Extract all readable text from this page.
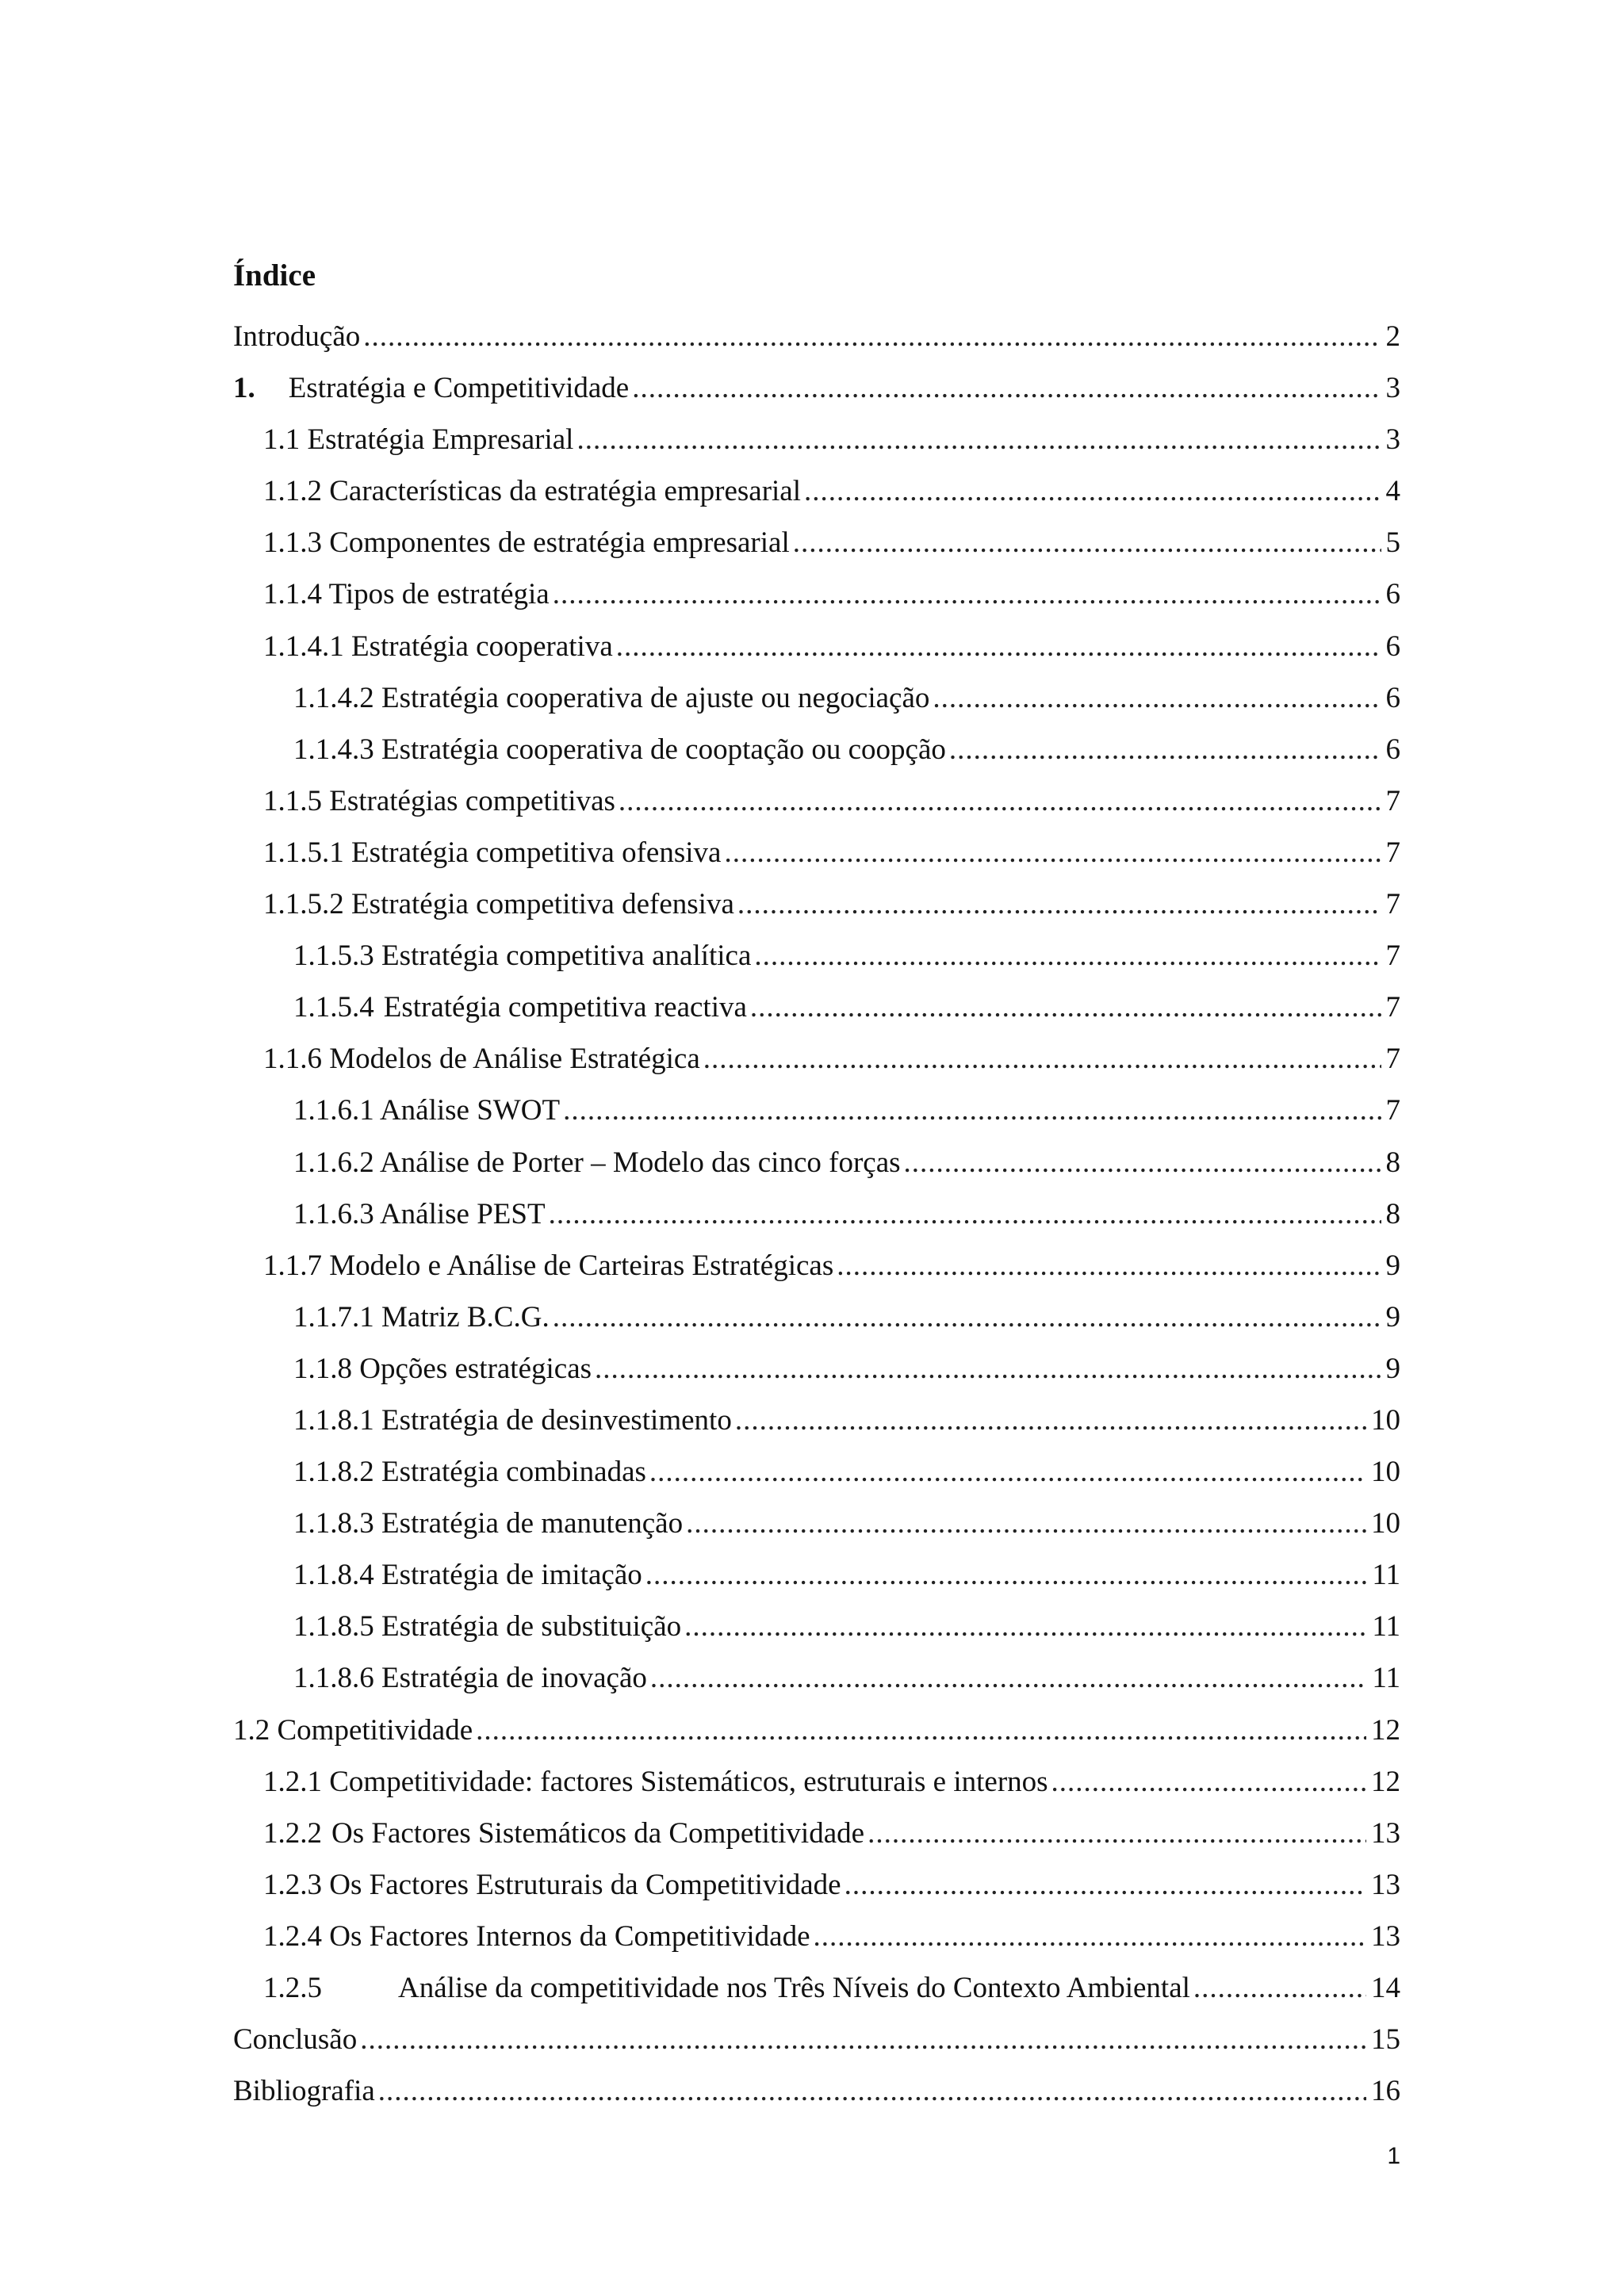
Índice
Introdução .....	2
1. Estratégia e Competitividade .....	3
1.1 Estratégia Empresarial .....	3
1.1.2 Características da estratégia empresarial .....	4
1.1.3 Componentes de estratégia empresarial .....	5
1.1.4 Tipos de estratégia .....	6
1.1.4.1 Estratégia cooperativa .....	6
1.1.4.2 Estratégia cooperativa de ajuste ou negociação .....	6
1.1.4.3 Estratégia cooperativa de cooptação ou coopção .....	6
1.1.5 Estratégias competitivas .....	7
1.1.5.1 Estratégia competitiva ofensiva .....	7
1.1.5.2 Estratégia competitiva defensiva .....	7
1.1.5.3 Estratégia competitiva analítica .....	7
1.1.5.4 Estratégia competitiva reactiva .....	7
1.1.6 Modelos de Análise Estratégica .....	7
1.1.6.1 Análise SWOT .....	7
1.1.6.2 Análise de Porter – Modelo das cinco forças .....	8
1.1.6.3 Análise PEST .....	8
1.1.7 Modelo e Análise de Carteiras Estratégicas .....	9
1.1.7.1 Matriz B.C.G. .....	9
1.1.8 Opções estratégicas .....	9
1.1.8.1 Estratégia de desinvestimento .....	10
1.1.8.2 Estratégia combinadas .....	10
1.1.8.3 Estratégia de manutenção .....	10
1.1.8.4 Estratégia de imitação .....	11
1.1.8.5 Estratégia de substituição .....	11
1.1.8.6 Estratégia de inovação .....	11
1.2 Competitividade .....	12
1.2.1 Competitividade: factores Sistemáticos, estruturais e internos .....	12
1.2.2 Os Factores Sistemáticos da Competitividade .....	13
1.2.3 Os Factores Estruturais da Competitividade .....	13
1.2.4 Os Factores Internos da Competitividade .....	13
1.2.5	Análise da competitividade nos Três Níveis do Contexto Ambiental .....	14
Conclusão .....	15
Bibliografia .....	16
1
